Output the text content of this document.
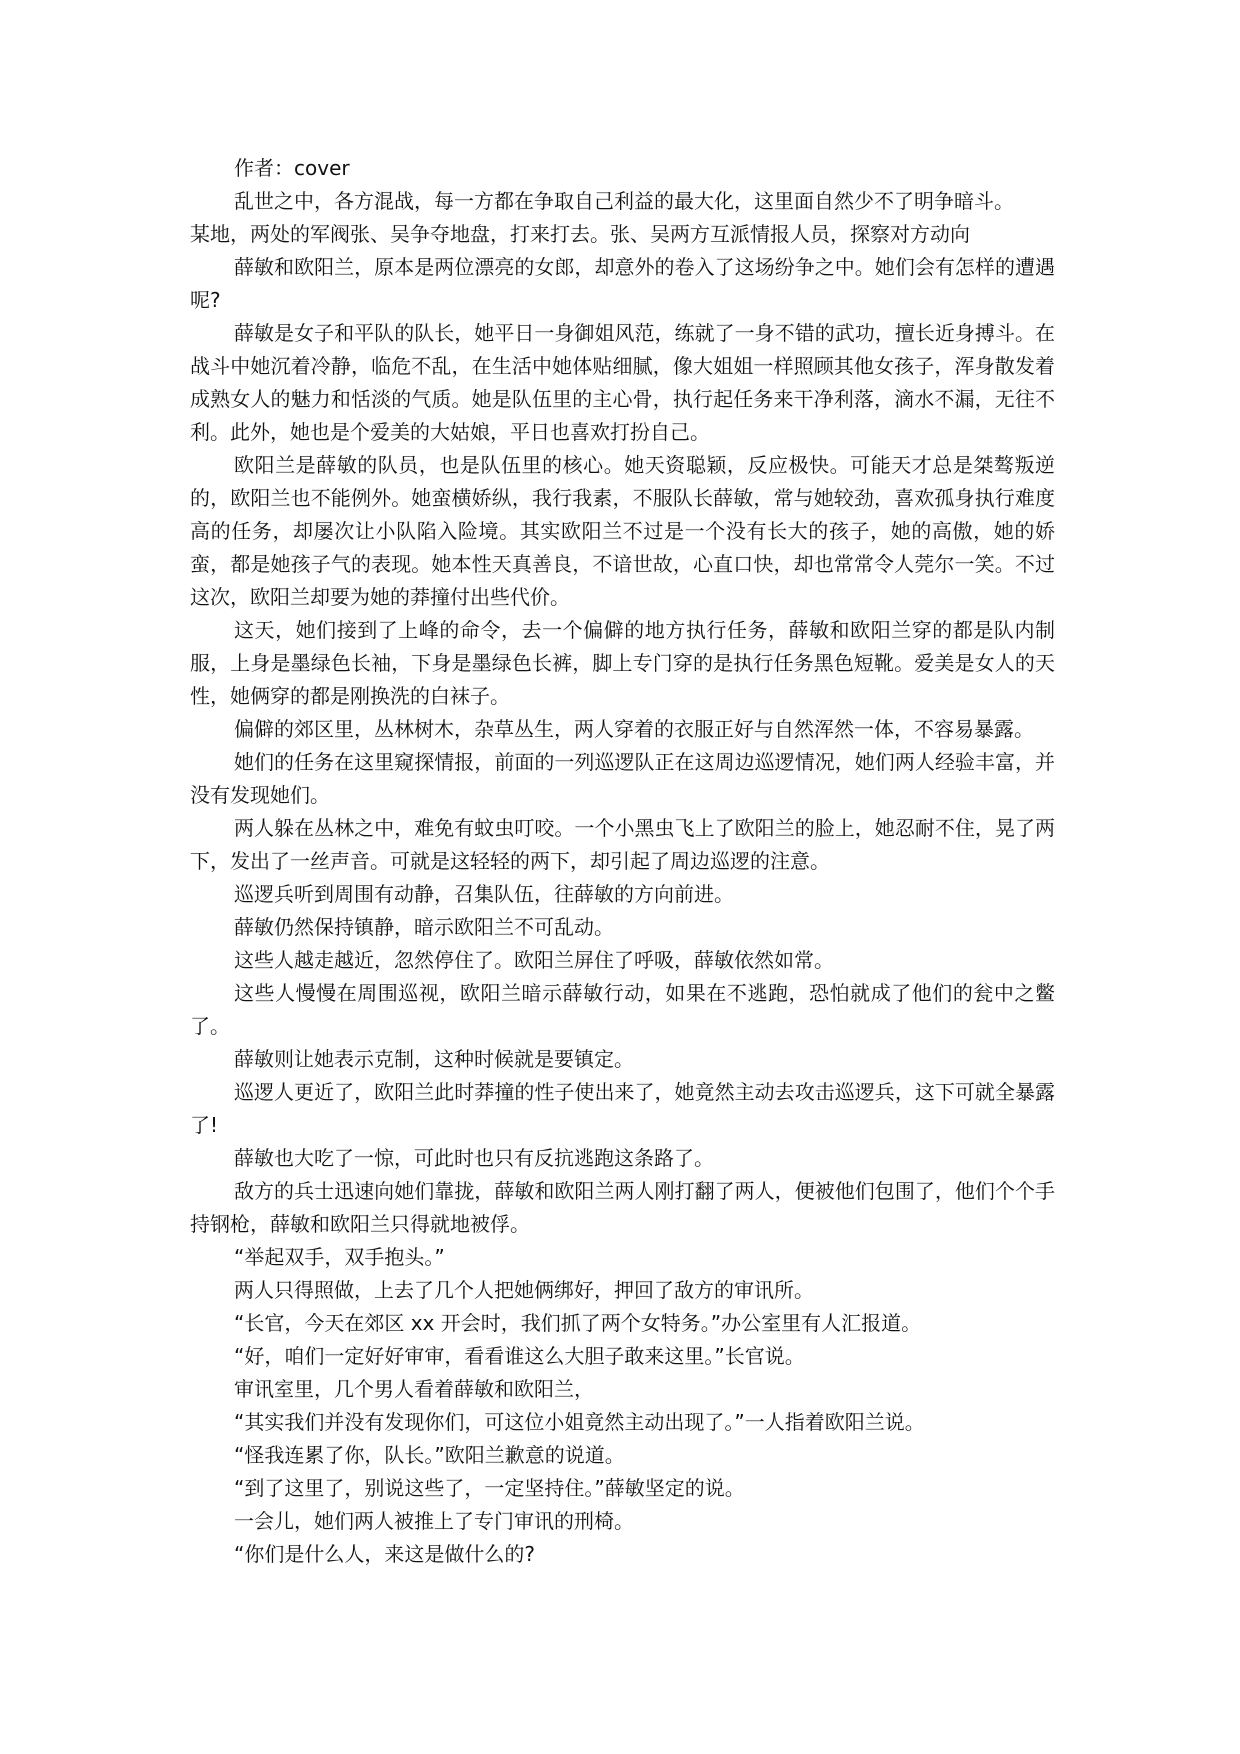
作者：cover

乱世之中，各方混战，每一方都在争取自己利益的最大化，这里面自然少不了明争暗斗。

某地，两处的军阀张、吴争夺地盘，打来打去。张、吴两方互派情报人员，探察对方动向

薛敏和欧阳兰，原本是两位漂亮的女郎，却意外的卷入了这场纷争之中。她们会有怎样的遭遇呢?

薛敏是女子和平队的队长，她平日一身御姐风范，练就了一身不错的武功，擅长近身搏斗。在战斗中她沉着冷静，临危不乱，在生活中她体贴细腻，像大姐姐一样照顾其他女孩子，浑身散发着成熟女人的魅力和恬淡的气质。她是队伍里的主心骨，执行起任务来干净利落，滴水不漏，无往不利。此外，她也是个爱美的大姑娘，平日也喜欢打扮自己。

欧阳兰是薛敏的队员，也是队伍里的核心。她天资聪颖，反应极快。可能天才总是桀骜叛逆的，欧阳兰也不能例外。她蛮横娇纵，我行我素，不服队长薛敏，常与她较劲，喜欢孤身执行难度高的任务，却屡次让小队陷入险境。其实欧阳兰不过是一个没有长大的孩子，她的高傲，她的娇蛮，都是她孩子气的表现。她本性天真善良，不谙世故，心直口快，却也常常令人莞尔一笑。不过这次，欧阳兰却要为她的莽撞付出些代价。

这天，她们接到了上峰的命令，去一个偏僻的地方执行任务，薛敏和欧阳兰穿的都是队内制服，上身是墨绿色长袖，下身是墨绿色长裤，脚上专门穿的是执行任务黑色短靴。爱美是女人的天性，她俩穿的都是刚换洗的白袜子。

偏僻的郊区里，丛林树木，杂草丛生，两人穿着的衣服正好与自然浑然一体，不容易暴露。

她们的任务在这里窥探情报，前面的一列巡逻队正在这周边巡逻情况，她们两人经验丰富，并没有发现她们。

两人躲在丛林之中，难免有蚊虫叮咬。一个小黑虫飞上了欧阳兰的脸上，她忍耐不住，晃了两下，发出了一丝声音。可就是这轻轻的两下，却引起了周边巡逻的注意。

巡逻兵听到周围有动静，召集队伍，往薛敏的方向前进。

薛敏仍然保持镇静，暗示欧阳兰不可乱动。

这些人越走越近，忽然停住了。欧阳兰屏住了呼吸，薛敏依然如常。

这些人慢慢在周围巡视，欧阳兰暗示薛敏行动，如果在不逃跑，恐怕就成了他们的瓮中之鳖了。

薛敏则让她表示克制，这种时候就是要镇定。

巡逻人更近了，欧阳兰此时莽撞的性子使出来了，她竟然主动去攻击巡逻兵，这下可就全暴露了!

薛敏也大吃了一惊，可此时也只有反抗逃跑这条路了。

敌方的兵士迅速向她们靠拢，薛敏和欧阳兰两人刚打翻了两人，便被他们包围了，他们个个手持钢枪，薛敏和欧阳兰只得就地被俘。

“举起双手，双手抱头。”

两人只得照做，上去了几个人把她俩绑好，押回了敌方的审讯所。

“长官，今天在郊区 xx 开会时，我们抓了两个女特务。”办公室里有人汇报道。

“好，咱们一定好好审审，看看谁这么大胆子敢来这里。”长官说。

审讯室里，几个男人看着薛敏和欧阳兰，

“其实我们并没有发现你们，可这位小姐竟然主动出现了。”一人指着欧阳兰说。

“怪我连累了你，队长。”欧阳兰歉意的说道。

“到了这里了，别说这些了，一定坚持住。”薛敏坚定的说。

一会儿，她们两人被推上了专门审讯的刑椅。

“你们是什么人，来这是做什么的?
